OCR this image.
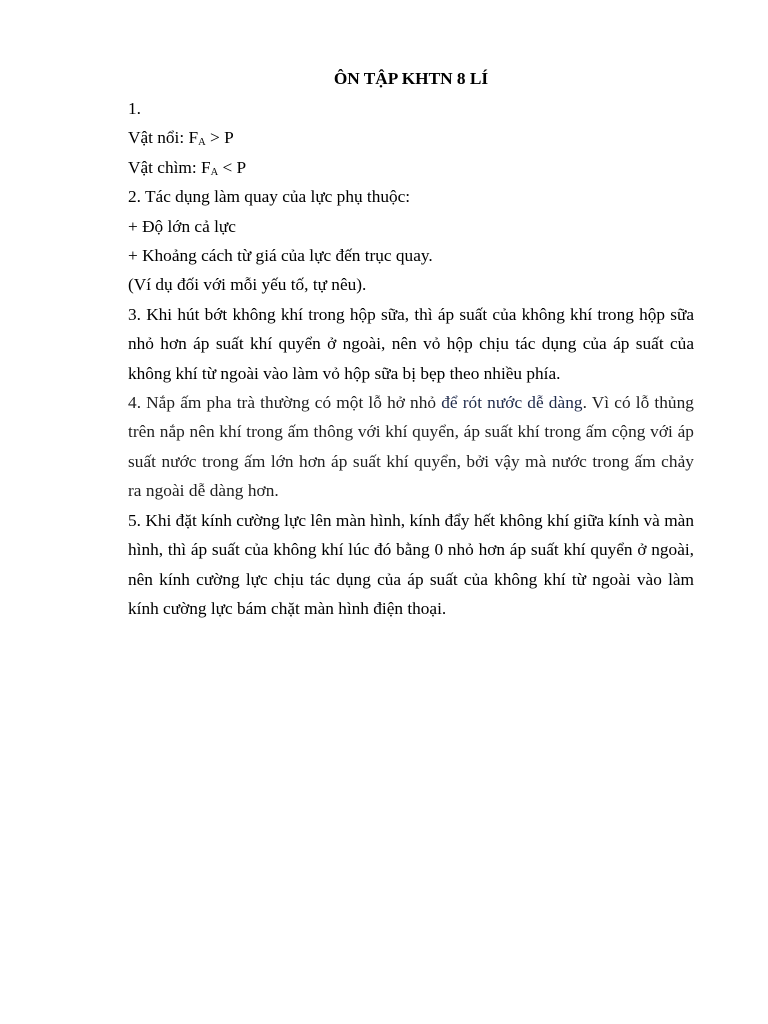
ÔN TẬP KHTN 8 LÍ

1.

Vật nổi: $F_A > P$

Vật chìm: $F_A < P$

2. Tác dụng làm quay của lực phụ thuộc:

+ Độ lớn cả lực

+ Khoảng cách từ giá của lực đến trục quay.

(Ví dụ đối với mỗi yếu tố, tự nêu).

3. Khi hút bớt không khí trong hộp sữa, thì áp suất của không khí trong hộp sữa nhỏ hơn áp suất khí quyển ở ngoài, nên vỏ hộp chịu tác dụng của áp suất của không khí từ ngoài vào làm vỏ hộp sữa bị bẹp theo nhiều phía.

4. Nắp ấm pha trà thường có một lỗ hở nhỏ để rót nước dễ dàng. Vì có lỗ thủng trên nắp nên khí trong ấm thông với khí quyển, áp suất khí trong ấm cộng với áp suất nước trong ấm lớn hơn áp suất khí quyển, bởi vậy mà nước trong ấm chảy ra ngoài dễ dàng hơn.

5. Khi đặt kính cường lực lên màn hình, kính đẩy hết không khí giữa kính và màn hình, thì áp suất của không khí lúc đó bằng 0 nhỏ hơn áp suất khí quyển ở ngoài, nên kính cường lực chịu tác dụng của áp suất của không khí từ ngoài vào làm kính cường lực bám chặt màn hình điện thoại.
